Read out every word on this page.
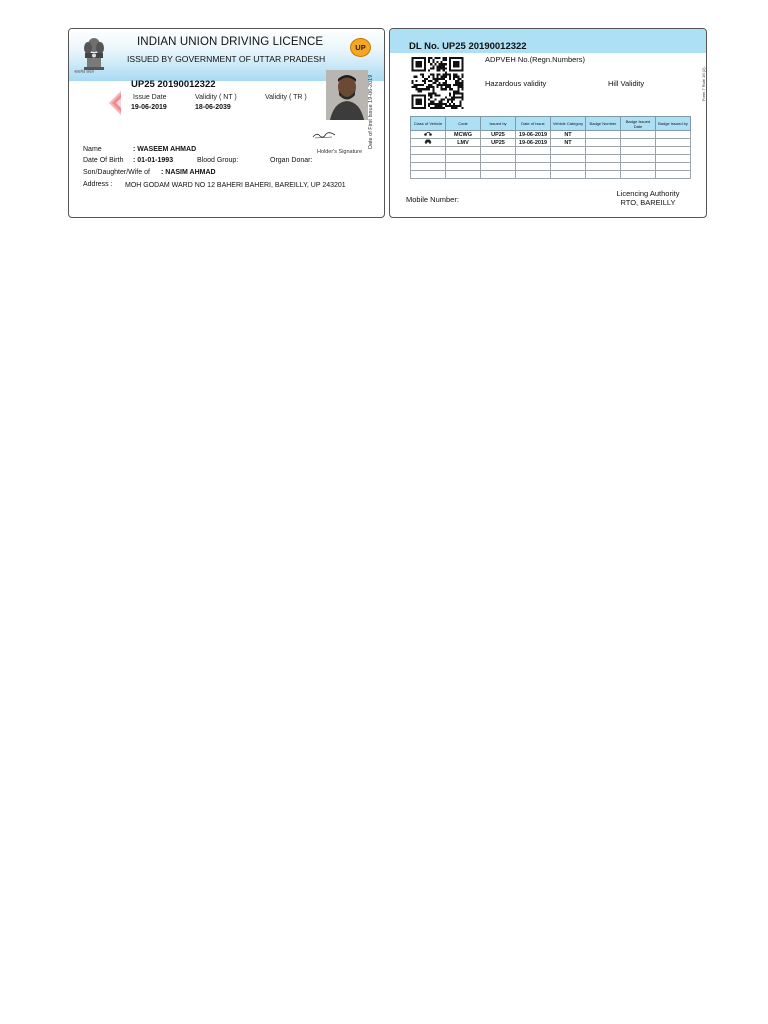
सत्यमेव जयते
INDIAN UNION DRIVING LICENCE
ISSUED BY GOVERNMENT OF UTTAR PRADESH
UP
UP25 20190012322
Issue Date
19-06-2019
Validity ( NT )
18-06-2039
Validity ( TR )	Date of First Issue 19-06-2019
Holder's Signature
Name	: WASEEM AHMAD
Date Of Birth : 01-01-1993	Blood Group:	Organ Donar:
Son/Daughter/Wife of : NASIM AHMAD
Address : MOH GODAM WARD NO 12 BAHERI BAHERI, BAREILLY, UP 243201
DL No. UP25 20190012322
ADPVEH No.(Regn.Numbers)
Hazardous validity	Hill Validity	Form 7 Rule 16 (2)
Class of Vehicle	Code	Issued by	Date of Issue	Vehicle Category	Badge Number	Badge Issued Date	Badge Issued by
	MCWG	UP25	19-06-2019	NT			
	LMV	UP25	19-06-2019	NT			

Mobile Number:
Licencing Authority
RTO, BAREILLY
